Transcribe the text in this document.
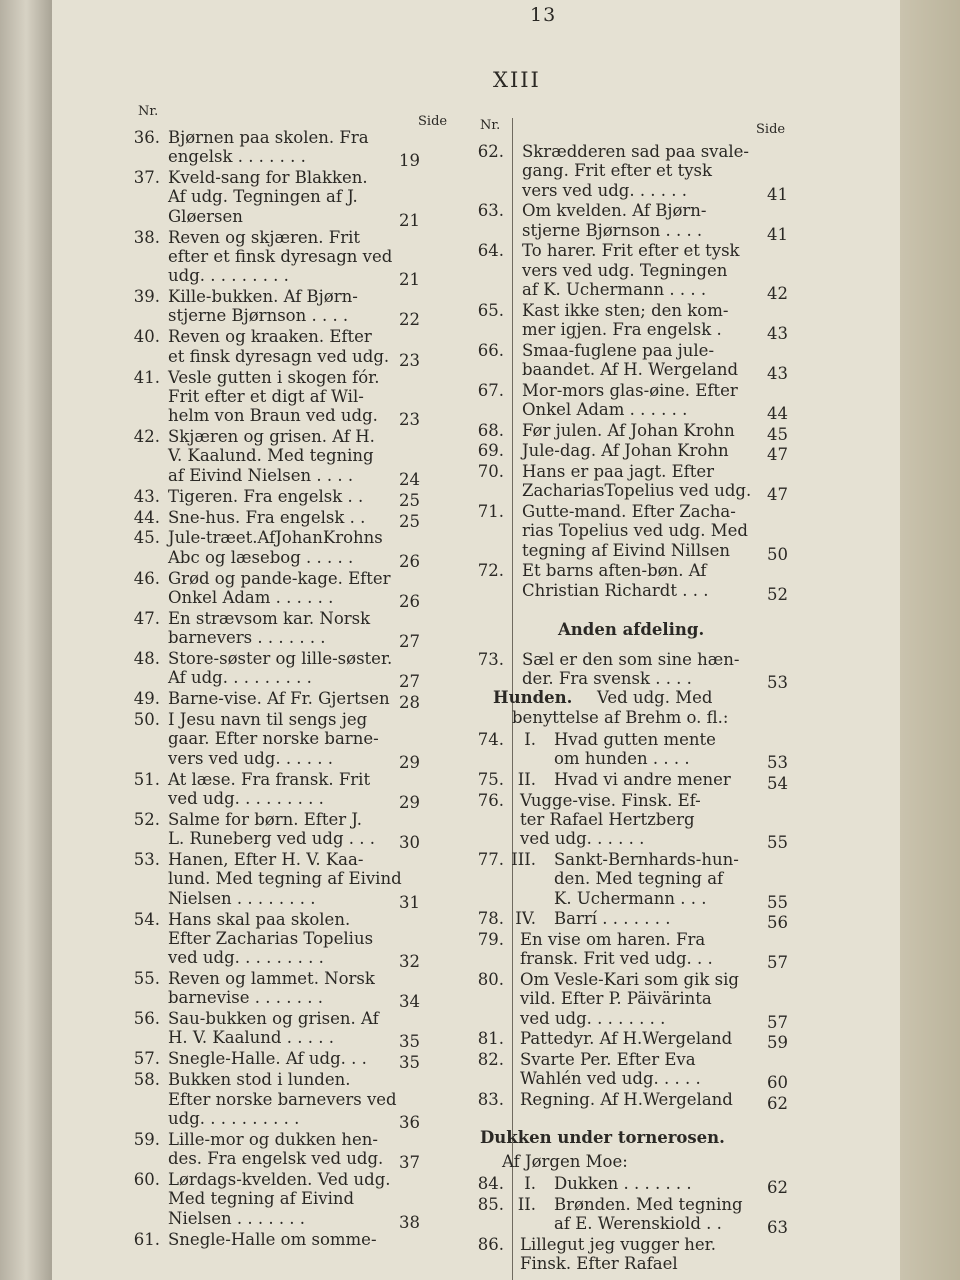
13
XIII
Nr.
Side	Nr.	Side
36. Bjørnen paa skolen. Fra
engelsk . . . . . . .	19
37. Kveld-sang for Blakken.
Af udg. Tegningen af J.
Gløersen	21
38. Reven og skjæren. Frit
efter et finsk dyresagn ved
udg. . . . . . . . .	21
39. Kille-bukken. Af Bjørn-
stjerne Bjørnson . . . .	22
40. Reven og kraaken. Efter
et finsk dyresagn ved udg. 23
41. Vesle gutten i skogen fór.
Frit efter et digt af Wil-
helm von Braun ved udg.	23
42. Skjæren og grisen. Af H.
V. Kaalund. Med tegning
af Eivind Nielsen . . . .	24
43. Tigeren. Fra engelsk . .	25
44. Sne-hus. Fra engelsk . .	25
45. Jule-træet.AfJohanKrohns
Abc og læsebog . . . . .	26
46. Grød og pande-kage. Efter
Onkel Adam . . . . . .	26
47. En strævsom kar. Norsk
barnevers . . . . . . .	27
48. Store-søster og lille-søster.
Af udg. . . . . . . . .	27
49. Barne-vise. Af Fr. Gjertsen 28
50. I Jesu navn til sengs jeg
gaar. Efter norske barne-
vers ved udg. . . . . .	29
51. At læse. Fra fransk. Frit
ved udg. . . . . . . . .	29
52. Salme for børn. Efter J.
L. Runeberg ved udg . . .	30
53. Hanen, Efter H. V. Kaa-
lund. Med tegning af Eivind
Nielsen . . . . . . . .	31
54. Hans skal paa skolen.
Efter Zacharias Topelius
ved udg. . . . . . . . .	32
55. Reven og lammet. Norsk
barnevise . . . . . . .	34
56. Sau-bukken og grisen. Af
H. V. Kaalund . . . . .	35
57. Snegle-Halle. Af udg. . .	35
58. Bukken stod i lunden.
Efter norske barnevers ved
udg. . . . . . . . . .	36
59. Lille-mor og dukken hen-
des. Fra engelsk ved udg. 37
60. Lørdags-kvelden. Ved udg.
Med tegning af Eivind
Nielsen . . . . . . .	38
61. Snegle-Halle om somme-
62. Skrædderen sad paa svale-
gang. Frit efter et tysk
vers ved udg. . . . . .	41
63. Om kvelden. Af Bjørn-
stjerne Bjørnson . . . .	41
64. To harer. Frit efter et tysk
vers ved udg. Tegningen
af K. Uchermann . . . .	42
65. Kast ikke sten; den kom-
mer igjen. Fra engelsk .	43
66. Smaa-fuglene paa jule-
baandet. Af H. Wergeland	43
67. Mor-mors glas-øine. Efter
Onkel Adam . . . . . .	44
68. Før julen. Af Johan Krohn	45
69. Jule-dag. Af Johan Krohn	47
70. Hans er paa jagt. Efter
ZachariasTopelius ved udg. 47
71. Gutte-mand. Efter Zacha-
rias Topelius ved udg. Med
tegning af Eivind Nillsen	50
72. Et barns aften-bøn. Af
Christian Richardt . . .	52
Anden afdeling.
73. Sæl er den som sine hæn-
der. Fra svensk . . . .	53
Hunden. Ved udg. Med
benyttelse af Brehm o. fl.:
74.	I. Hvad gutten mente
om hunden . . . .	53
75. II. Hvad vi andre mener	54
76. Vugge-vise. Finsk. Ef-
ter Rafael Hertzberg
ved udg. . . . . .	55
77. III. Sankt-Bernhards-hun-
den. Med tegning af
K. Uchermann . . .	55
78. IV. Barrí . . . . . . .	56
79. En vise om haren. Fra
fransk. Frit ved udg. . .	57
80. Om Vesle-Kari som gik sig
vild. Efter P. Päivärinta
ved udg. . . . . . . .	57
81. Pattedyr. Af H.Wergeland	59
82. Svarte Per. Efter Eva
Wahlén ved udg. . . . .	60
83. Regning. Af H.Wergeland	62
Dukken under tornerosen.
Af Jørgen Moe:
84.	I. Dukken . . . . . . .	62
85. II. Brønden. Med tegning
af E. Werenskiold . .	63
86. Lillegut jeg vugger her.
Finsk. Efter Rafael
